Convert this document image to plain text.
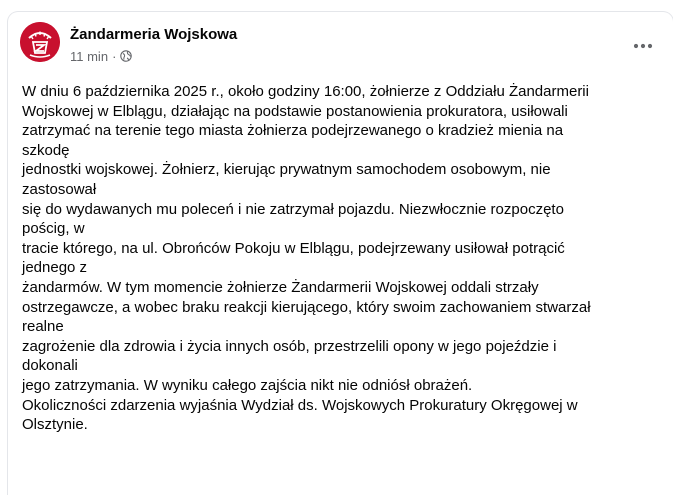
Żandarmeria Wojskowa
11 min ·
W dniu 6 października 2025 r., około godziny 16:00, żołnierze z Oddziału Żandarmerii
Wojskowej w Elblągu, działając na podstawie postanowienia prokuratora, usiłowali
zatrzymać na terenie tego miasta żołnierza podejrzewanego o kradzież mienia na
szkodę
jednostki wojskowej. Żołnierz, kierując prywatnym samochodem osobowym, nie
zastosował
się do wydawanych mu poleceń i nie zatrzymał pojazdu. Niezwłocznie rozpoczęto
pościg, w
tracie którego, na ul. Obrońców Pokoju w Elblągu, podejrzewany usiłował potrącić
jednego z
żandarmów. W tym momencie żołnierze Żandarmerii Wojskowej oddali strzały
ostrzegawcze, a wobec braku reakcji kierującego, który swoim zachowaniem stwarzał
realne
zagrożenie dla zdrowia i życia innych osób, przestrzelili opony w jego pojeździe i
dokonali
jego zatrzymania. W wyniku całego zajścia nikt nie odniósł obrażeń.
Okoliczności zdarzenia wyjaśnia Wydział ds. Wojskowych Prokuratury Okręgowej w
Olsztynie.
